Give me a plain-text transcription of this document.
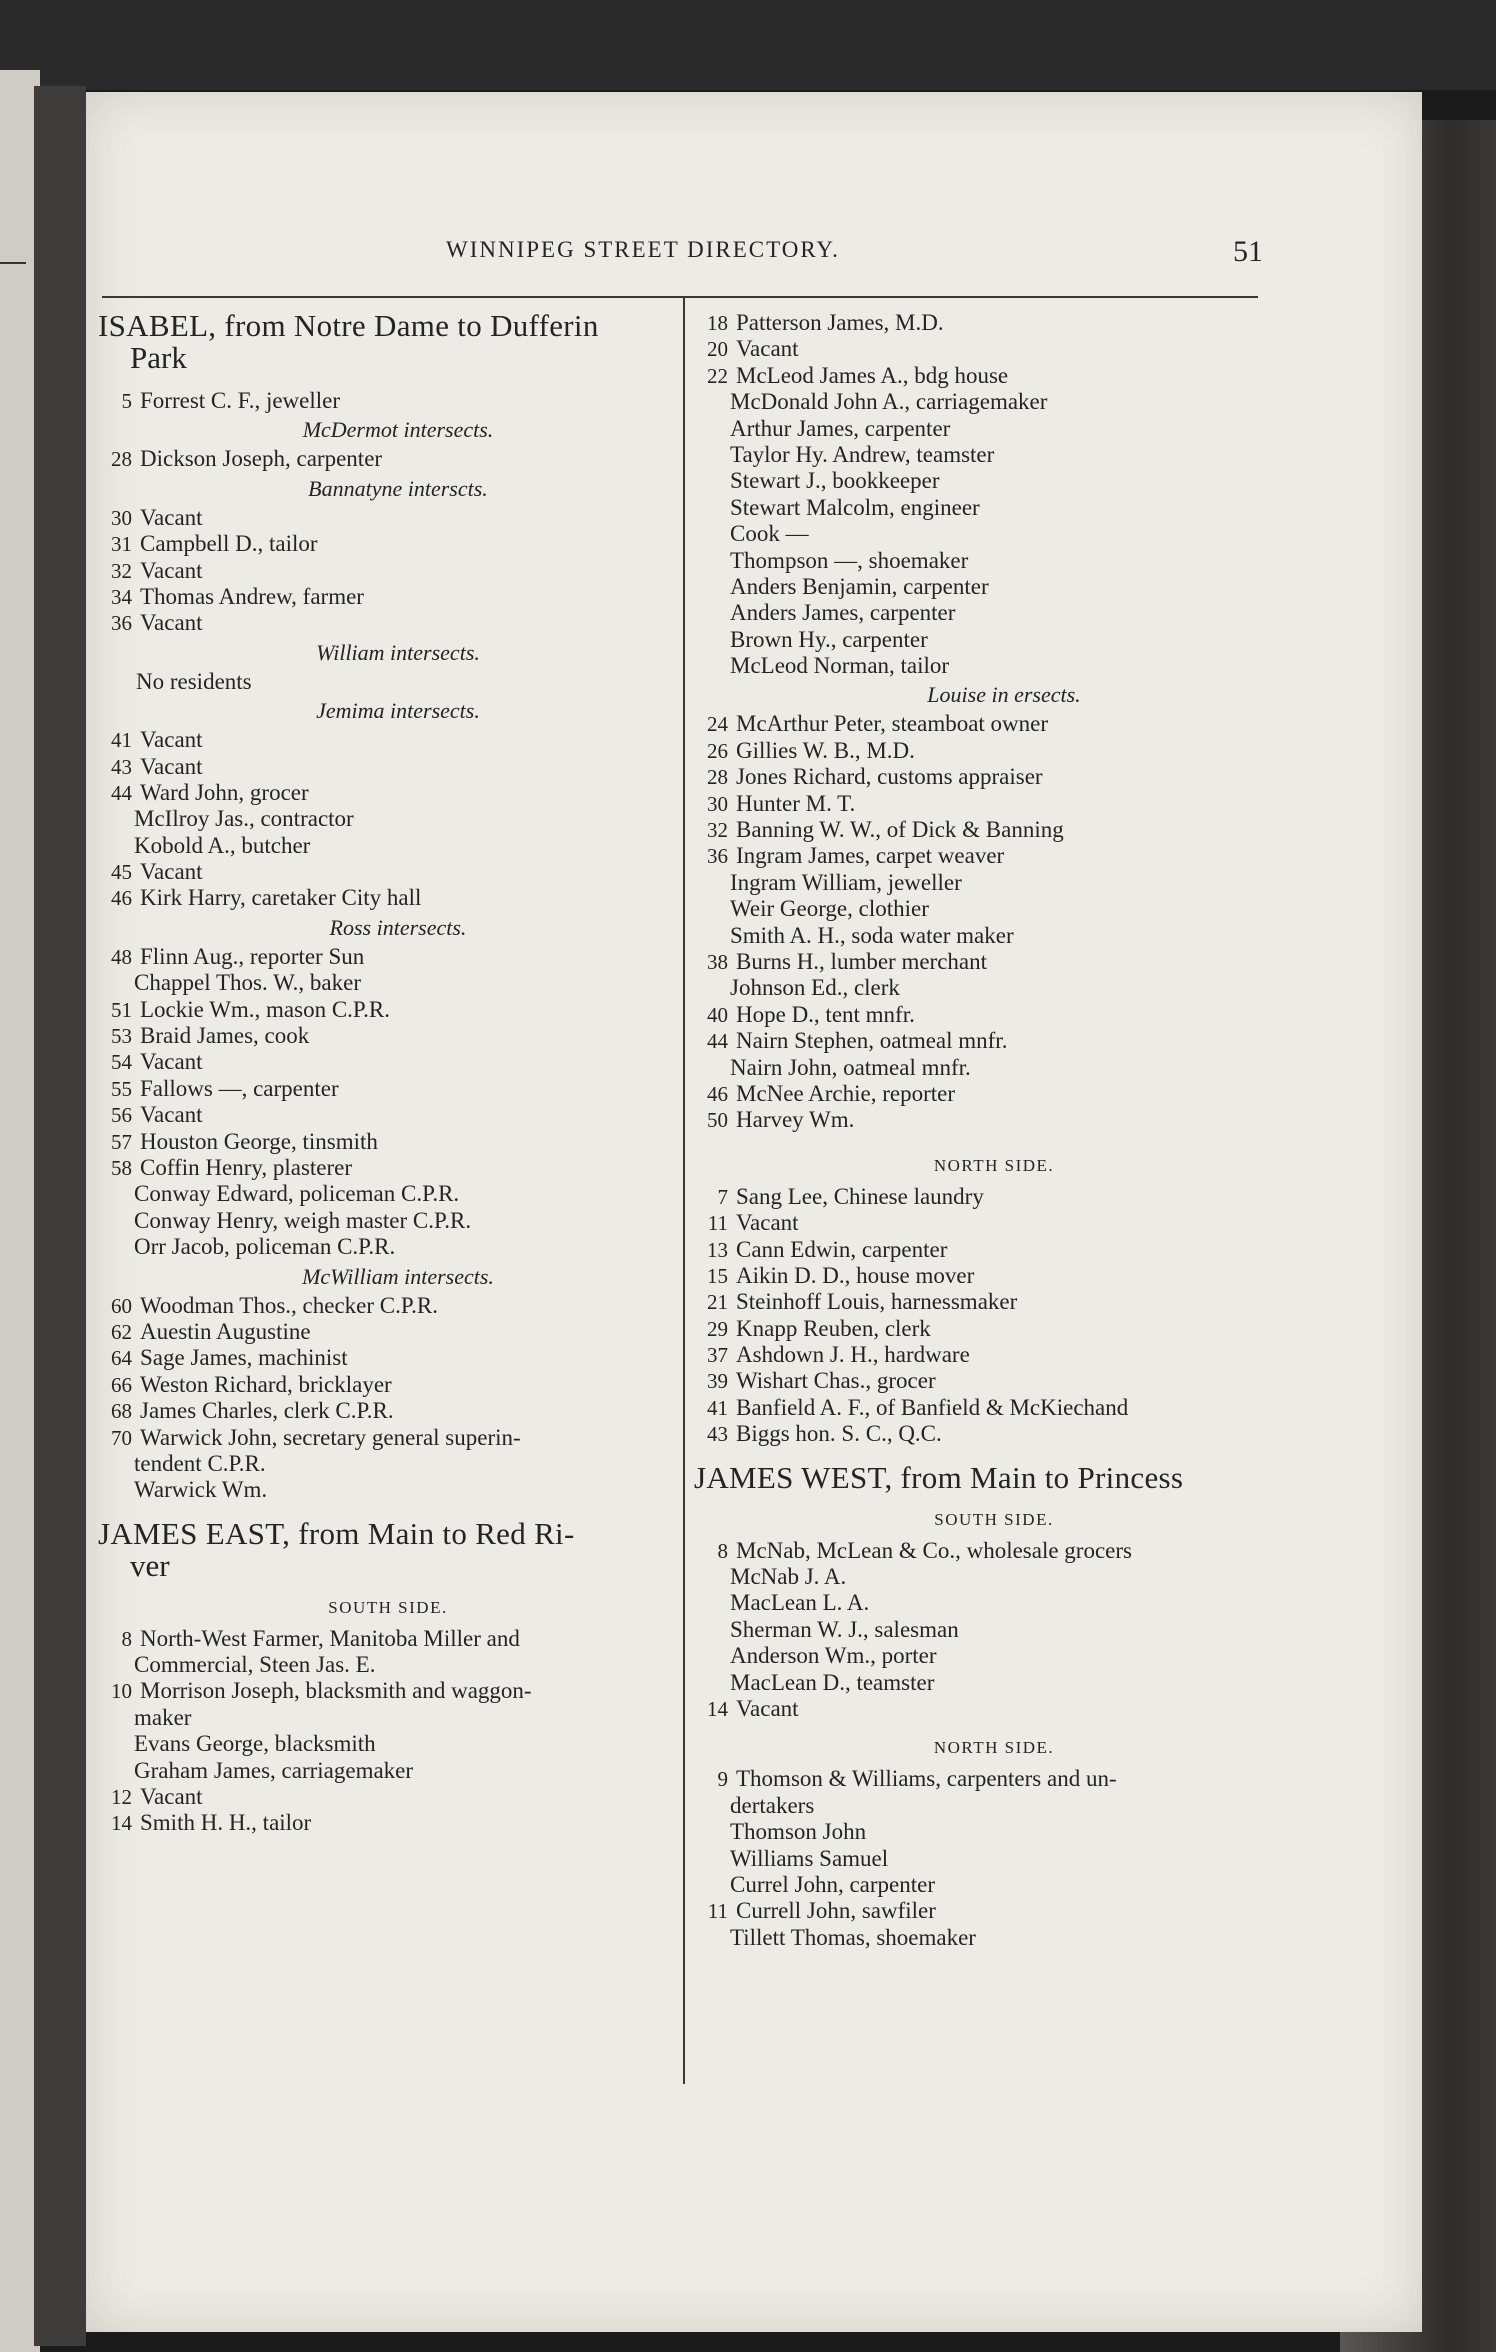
WINNIPEG STREET DIRECTORY.	51
ISABEL, from Notre Dame to Dufferin
Park
5 Forrest C. F., jeweller
McDermot intersects.
28 Dickson Joseph, carpenter
Bannatyne interscts.
30 Vacant
31 Campbell D., tailor
32 Vacant
34 Thomas Andrew, farmer
36 Vacant
William intersects.
No residents
Jemima intersects.
41 Vacant
43 Vacant
44 Ward John, grocer
McIlroy Jas., contractor
Kobold A., butcher
45 Vacant
46 Kirk Harry, caretaker City hall
Ross intersects.
48 Flinn Aug., reporter Sun
Chappel Thos. W., baker
51 Lockie Wm., mason C.P.R.
53 Braid James, cook
54 Vacant
55 Fallows —, carpenter
56 Vacant
57 Houston George, tinsmith
58 Coffin Henry, plasterer
Conway Edward, policeman C.P.R.
Conway Henry, weigh master C.P.R.
Orr Jacob, policeman C.P.R.
McWilliam intersects.
60 Woodman Thos., checker C.P.R.
62 Auestin Augustine
64 Sage James, machinist
66 Weston Richard, bricklayer
68 James Charles, clerk C.P.R.
70 Warwick John, secretary general superin-
tendent C.P.R.
Warwick Wm.
JAMES EAST, from Main to Red Ri-
ver
SOUTH SIDE.
8 North-West Farmer, Manitoba Miller and
Commercial, Steen Jas. E.
10 Morrison Joseph, blacksmith and waggon-
maker
Evans George, blacksmith
Graham James, carriagemaker
12 Vacant
14 Smith H. H., tailor
18 Patterson James, M.D.
20 Vacant
22 McLeod James A., bdg house
McDonald John A., carriagemaker
Arthur James, carpenter
Taylor Hy. Andrew, teamster
Stewart J., bookkeeper
Stewart Malcolm, engineer
Cook —
Thompson —, shoemaker
Anders Benjamin, carpenter
Anders James, carpenter
Brown Hy., carpenter
McLeod Norman, tailor
Louise in ersects.
24 McArthur Peter, steamboat owner
26 Gillies W. B., M.D.
28 Jones Richard, customs appraiser
30 Hunter M. T.
32 Banning W. W., of Dick & Banning
36 Ingram James, carpet weaver
Ingram William, jeweller
Weir George, clothier
Smith A. H., soda water maker
38 Burns H., lumber merchant
Johnson Ed., clerk
40 Hope D., tent mnfr.
44 Nairn Stephen, oatmeal mnfr.
Nairn John, oatmeal mnfr.
46 McNee Archie, reporter
50 Harvey Wm.
NORTH SIDE.
7 Sang Lee, Chinese laundry
11 Vacant
13 Cann Edwin, carpenter
15 Aikin D. D., house mover
21 Steinhoff Louis, harnessmaker
29 Knapp Reuben, clerk
37 Ashdown J. H., hardware
39 Wishart Chas., grocer
41 Banfield A. F., of Banfield & McKiechand
43 Biggs hon. S. C., Q.C.
JAMES WEST, from Main to Princess
SOUTH SIDE.
8 McNab, McLean & Co., wholesale grocers
McNab J. A.
MacLean L. A.
Sherman W. J., salesman
Anderson Wm., porter
MacLean D., teamster
14 Vacant
NORTH SIDE.
9 Thomson & Williams, carpenters and un-
dertakers
Thomson John
Williams Samuel
Currel John, carpenter
11 Currell John, sawfiler
Tillett Thomas, shoemaker
